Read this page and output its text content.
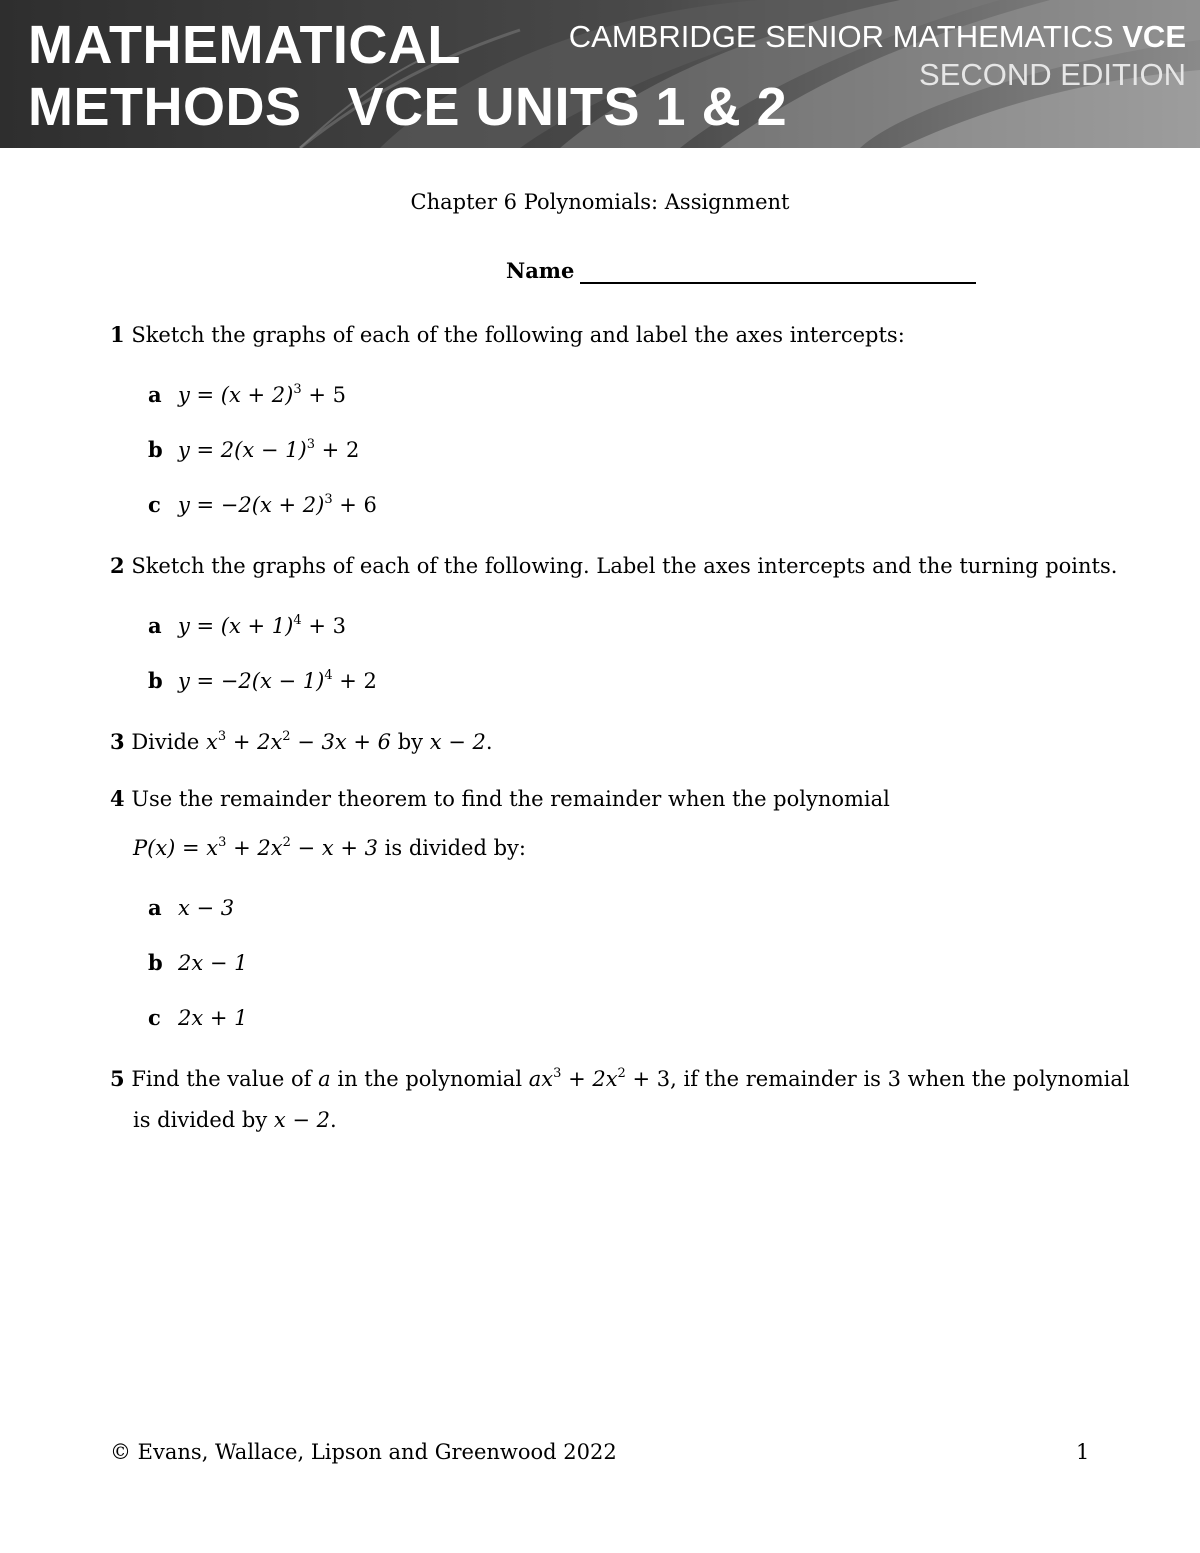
MATHEMATICAL
METHODS VCE UNITS 1 & 2
CAMBRIDGE SENIOR MATHEMATICS VCE
SECOND EDITION
Chapter 6 Polynomials: Assignment
Name
1 Sketch the graphs of each of the following and label the axes intercepts:
a $y = (x + 2)^3 + 5$
b $y = 2(x - 1)^3 + 2$
c $y = -2(x + 2)^3 + 6$
2 Sketch the graphs of each of the following. Label the axes intercepts and the turning points.
a $y = (x + 1)^4 + 3$
b $y = -2(x - 1)^4 + 2$
3 Divide $x^3 + 2x^2 - 3x + 6$ by x − 2.
4 Use the remainder theorem to find the remainder when the polynomial
$P(x) = x^3 + 2x^2 - x + 3$ is divided by:
a x − 3
b 2x − 1
c 2x + 1
5 Find the value of a in the polynomial $ax^3 + 2x^2 + 3$, if the remainder is 3 when the polynomial
is divided by x − 2.
© Evans, Wallace, Lipson and Greenwood 2022	1
